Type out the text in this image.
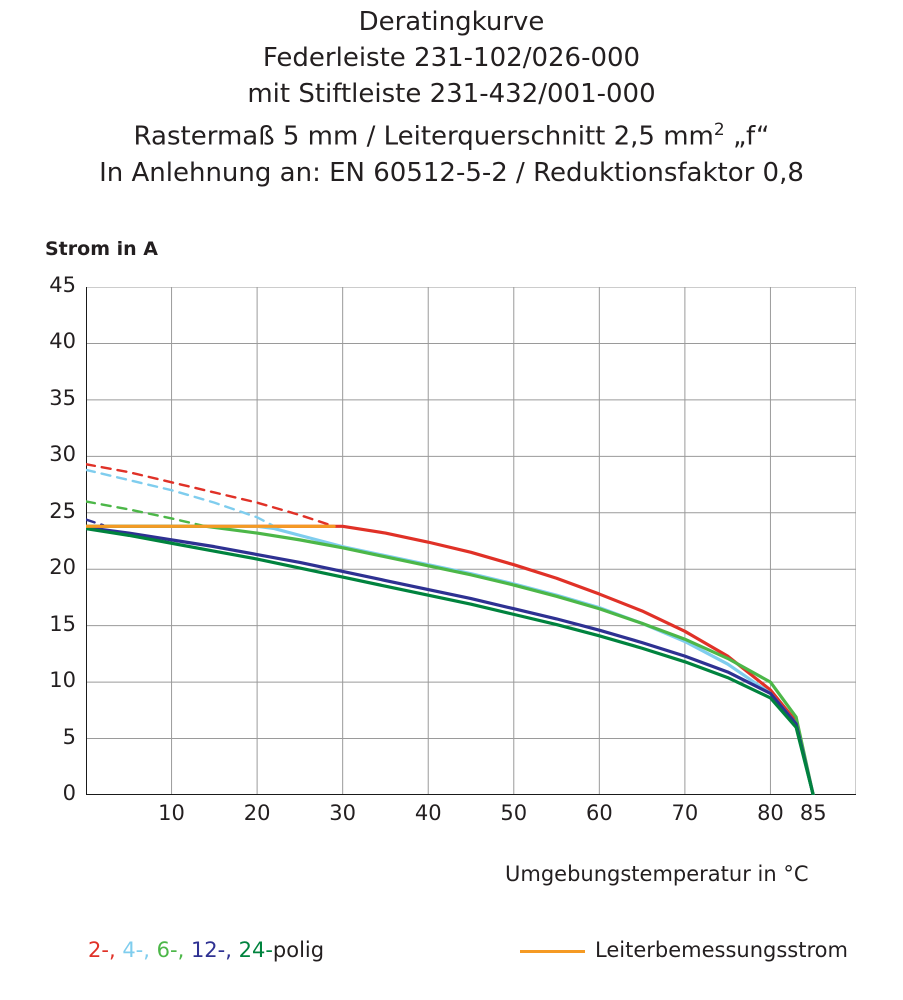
Deratingkurve
Federleiste 231-102/026-000
mit Stiftleiste 231-432/001-000
Rastermaß 5 mm / Leiterquerschnitt 2,5 $mm^2$ „f“
In Anlehnung an: EN 60512-5-2 / Reduktionsfaktor 0,8
Strom in A
Umgebungstemperatur in °C
0
5
10
15
20
25
30
35
40
45
10	20	30	40	50	60	70	80 85
2-, 4-, 6-, 12-, 24-polig	Leiterbemessungsstrom
